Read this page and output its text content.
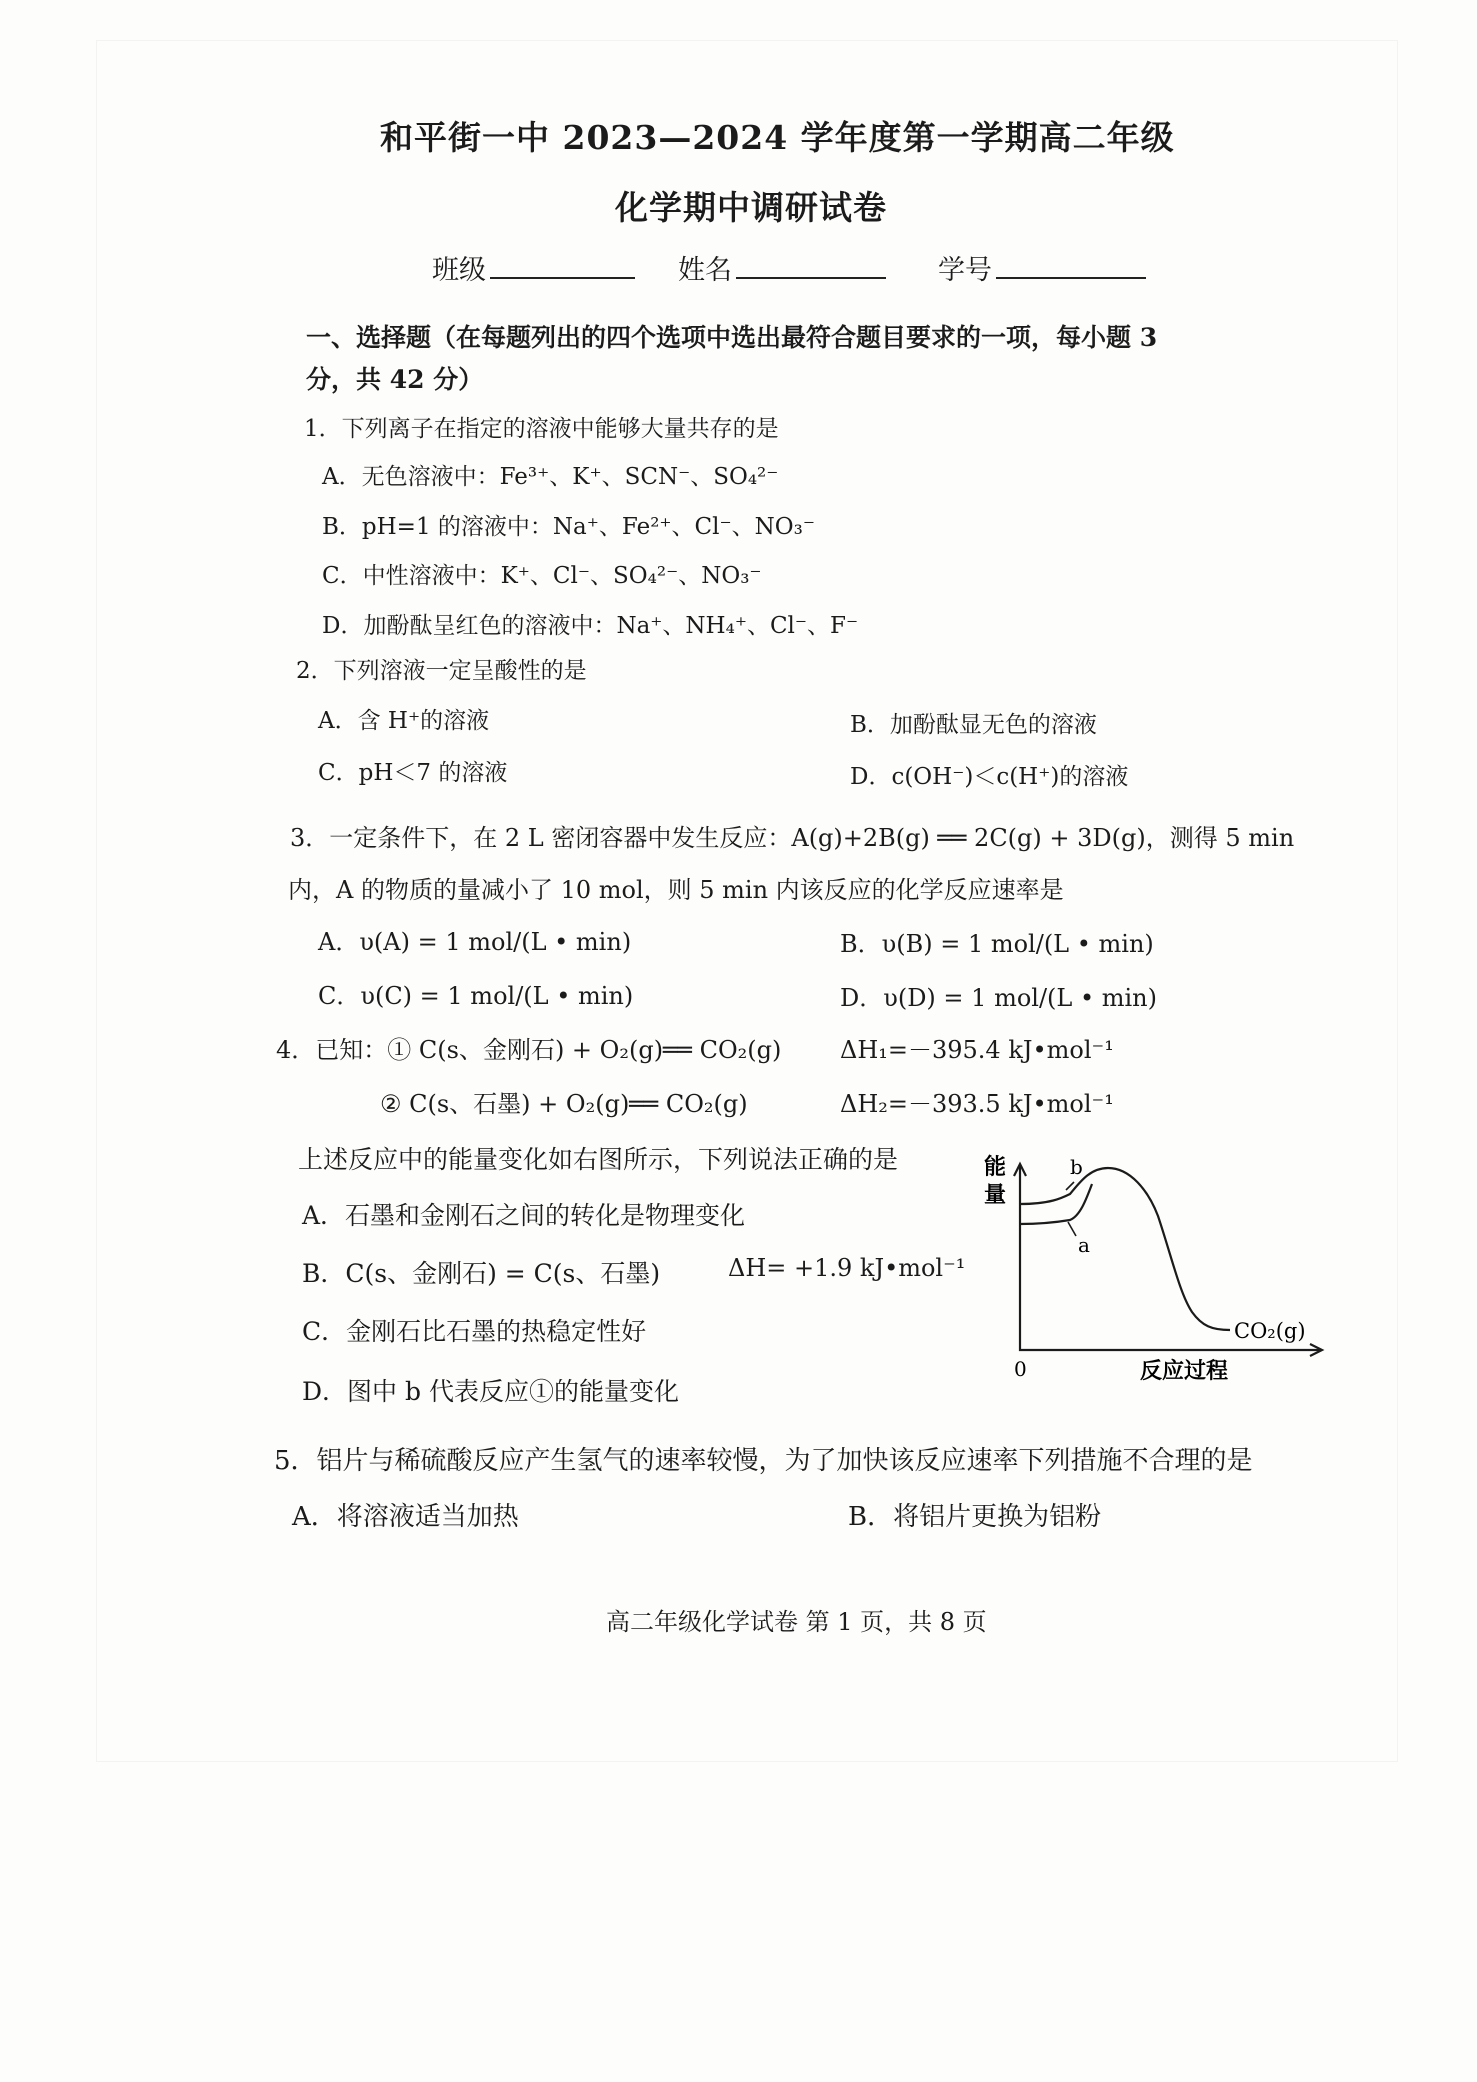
和平街一中 2023—2024 学年度第一学期高二年级
化学期中调研试卷
班级	姓名	学号
一、选择题（在每题列出的四个选项中选出最符合题目要求的一项，每小题 3
分，共 42 分）
1．下列离子在指定的溶液中能够大量共存的是
A．无色溶液中：Fe³⁺、K⁺、SCN⁻、SO₄²⁻
B．pH=1 的溶液中：Na⁺、Fe²⁺、Cl⁻、NO₃⁻
C．中性溶液中：K⁺、Cl⁻、SO₄²⁻、NO₃⁻
D．加酚酞呈红色的溶液中：Na⁺、NH₄⁺、Cl⁻、F⁻
2．下列溶液一定呈酸性的是
A．含 H⁺的溶液	B．加酚酞显无色的溶液
C．pH＜7 的溶液	D．c(OH⁻)＜c(H⁺)的溶液
3．一定条件下，在 2 L 密闭容器中发生反应：A(g)+2B(g) ══ 2C(g) + 3D(g)，测得 5 min
内，A 的物质的量减小了 10 mol，则 5 min 内该反应的化学反应速率是
A．υ(A) = 1 mol/(L • min)	B．υ(B) = 1 mol/(L • min)
C．υ(C) = 1 mol/(L • min)	D．υ(D) = 1 mol/(L • min)
4．已知：① C(s、金刚石) + O₂(g)══ CO₂(g) ΔH₁=－395.4 kJ•mol⁻¹
② C(s、石墨) + O₂(g)══ CO₂(g)	ΔH₂=－393.5 kJ•mol⁻¹
上述反应中的能量变化如右图所示，下列说法正确的是
A．石墨和金刚石之间的转化是物理变化
B．C(s、金刚石) = C(s、石墨)	ΔH= +1.9 kJ•mol⁻¹
C．金刚石比石墨的热稳定性好
D．图中 b 代表反应①的能量变化
能
量
b
a
CO₂(g)
0	反应过程
5．铝片与稀硫酸反应产生氢气的速率较慢，为了加快该反应速率下列措施不合理的是
A．将溶液适当加热	B．将铝片更换为铝粉
高二年级化学试卷 第 1 页，共 8 页
